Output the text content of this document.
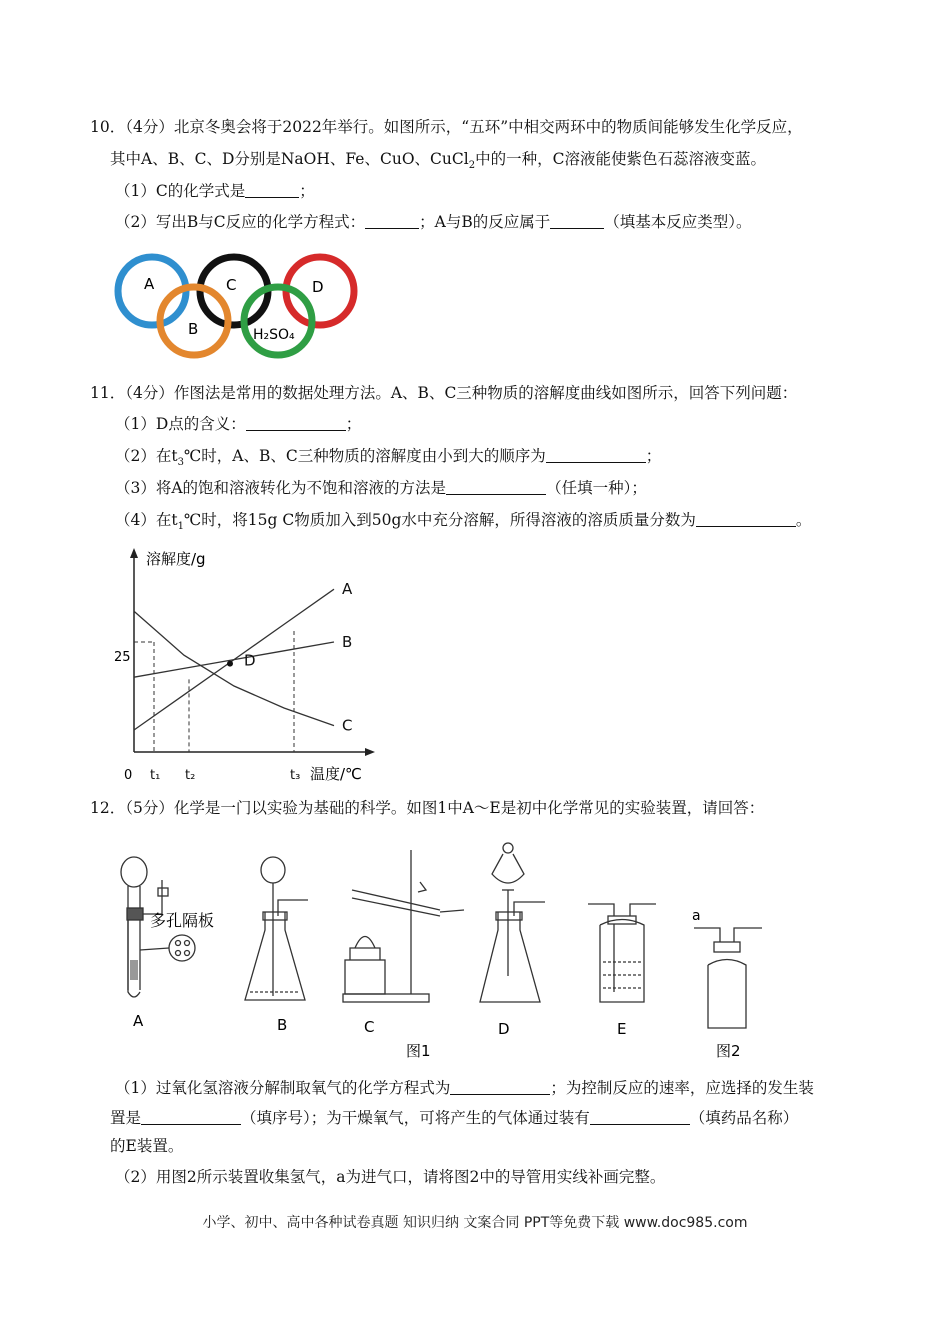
10．（4分）北京冬奥会将于2022年举行。如图所示，“五环”中相交两环中的物质间能够发生化学反应，
其中A、B、C、D分别是NaOH、Fe、CuO、CuCl$_2$中的一种，C溶液能使紫色石蕊溶液变蓝。
（1）C的化学式是	；
（2）写出B与C反应的化学方程式：	；A与B的反应属于	（填基本反应类型）。
A	C	D
B	H₂SO₄
11．（4分）作图法是常用的数据处理方法。A、B、C三种物质的溶解度曲线如图所示，回答下列问题：
（1）D点的含义：	；
（2）在$t_3℃$时，A、B、C三种物质的溶解度由小到大的顺序为	；
（3）将A的饱和溶液转化为不饱和溶液的方法是	（任填一种）；
（4）在$t_1℃$时，将15g C物质加入到50g水中充分溶解，所得溶液的溶质质量分数为	。
A
B
C
D
t₁ t₂	t₃
溶解度/g
温度/℃
0
25
12．（5分）化学是一门以实验为基础的科学。如图1中A～E是初中化学常见的实验装置，请回答：
多孔隔板
A	B	C	D	E
图1	图2
a
（1）过氧化氢溶液分解制取氧气的化学方程式为	；为控制反应的速率，应选择的发生装
置是	（填序号）；为干燥氧气，可将产生的气体通过装有	（填药品名称）
的E装置。
（2）用图2所示装置收集氢气，a为进气口，请将图2中的导管用实线补画完整。
小学、初中、高中各种试卷真题 知识归纳 文案合同 PPT等免费下载 www.doc985.com
